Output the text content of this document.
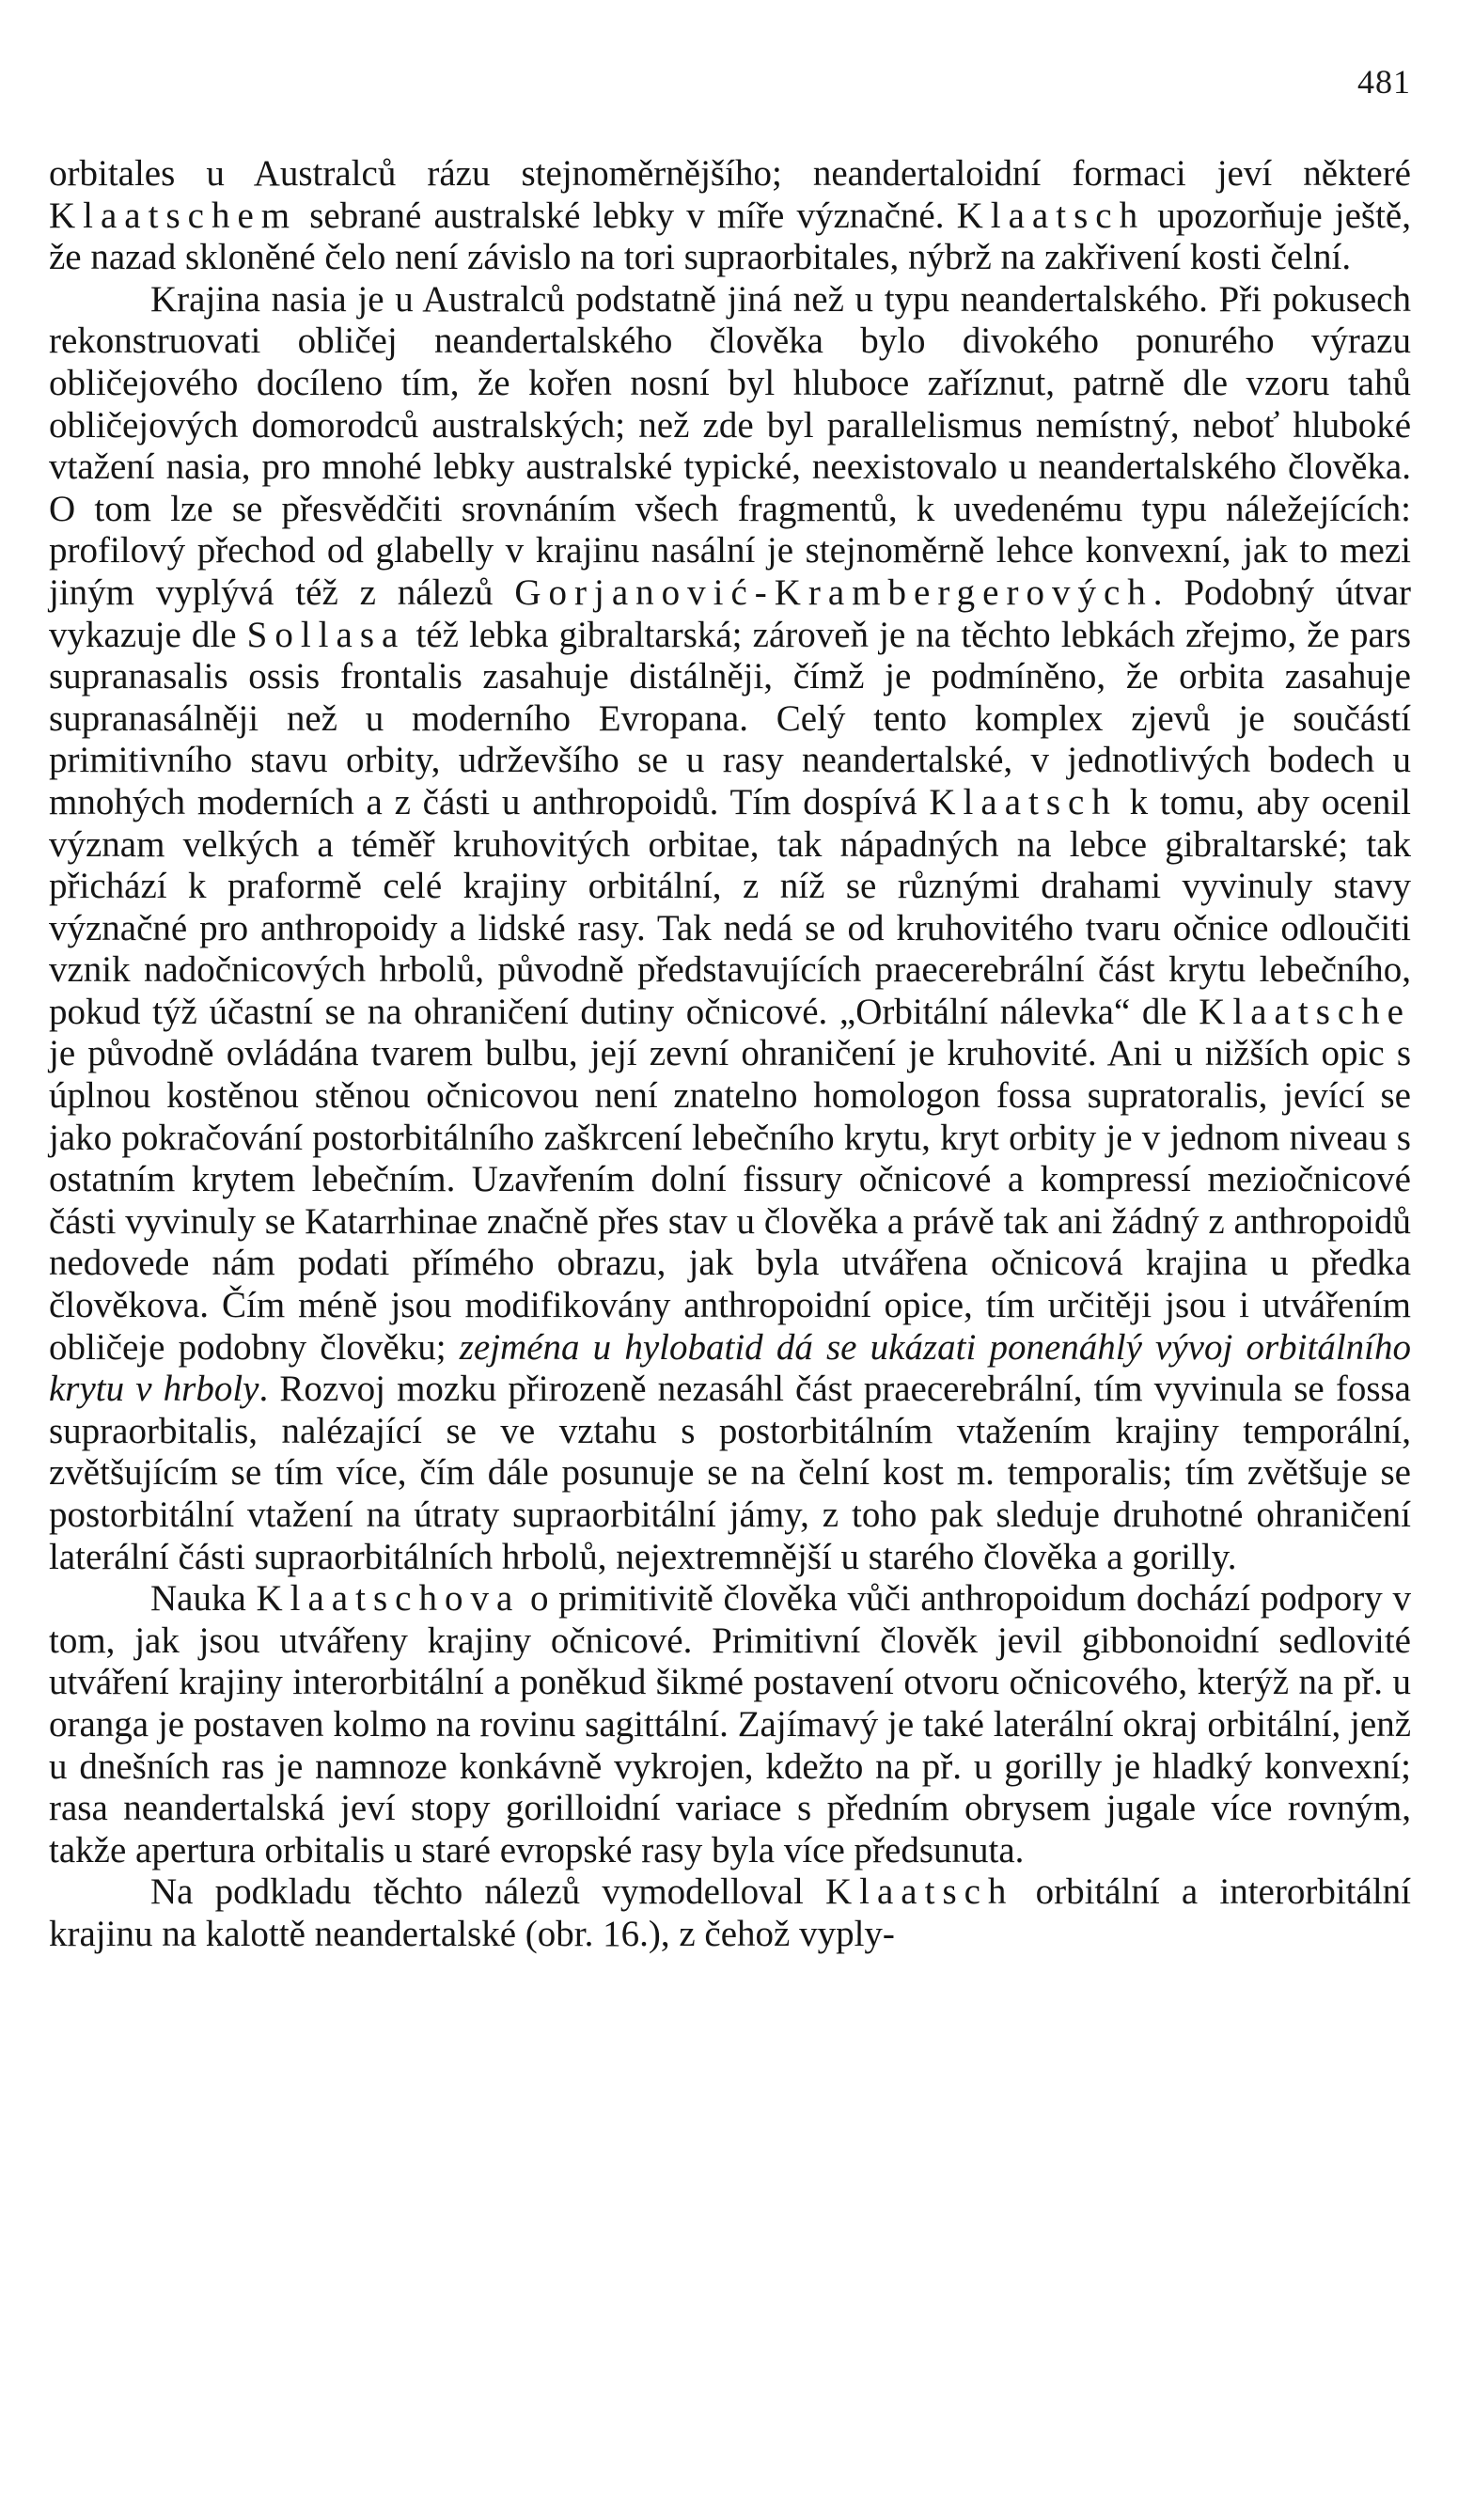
481

orbitales u Australců rázu stejnoměrnějšího; neandertaloidní formaci jeví některé Klaatschem sebrané australské lebky v míře význačné. Klaatsch upozorňuje ještě, že nazad skloněné čelo není závislo na tori supraorbitales, nýbrž na zakřivení kosti čelní.

Krajina nasia je u Australců podstatně jiná než u typu neandertalského. Při pokusech rekonstruovati obličej neandertalského člověka bylo divokého ponurého výrazu obličejového docíleno tím, že kořen nosní byl hluboce zaříznut, patrně dle vzoru tahů obličejových domorodců australských; než zde byl parallelismus nemístný, neboť hluboké vtažení nasia, pro mnohé lebky australské typické, neexistovalo u neandertalského člověka. O tom lze se přesvědčiti srovnáním všech fragmentů, k uvedenému typu náležejících: profilový přechod od glabelly v krajinu nasální je stejnoměrně lehce konvexní, jak to mezi jiným vyplývá též z nálezů Gorjanović-Krambergerových. Podobný útvar vykazuje dle Sollasa též lebka gibraltarská; zároveň je na těchto lebkách zřejmo, že pars supranasalis ossis frontalis zasahuje distálněji, čímž je podmíněno, že orbita zasahuje supranasálněji než u moderního Evropana. Celý tento komplex zjevů je součástí primitivního stavu orbity, udrževšího se u rasy neandertalské, v jednotlivých bodech u mnohých moderních a z části u anthropoidů. Tím dospívá Klaatsch k tomu, aby ocenil význam velkých a téměř kruhovitých orbitae, tak nápadných na lebce gibraltarské; tak přichází k praformě celé krajiny orbitální, z níž se různými drahami vyvinuly stavy význačné pro anthropoidy a lidské rasy. Tak nedá se od kruhovitého tvaru očnice odloučiti vznik nadočnicových hrbolů, původně představujících praecerebrální část krytu lebečního, pokud týž účastní se na ohraničení dutiny očnicové. „Orbitální nálevka“ dle Klaatsche je původně ovládána tvarem bulbu, její zevní ohraničení je kruhovité. Ani u nižších opic s úplnou kostěnou stěnou očnicovou není znatelno homologon fossa supratoralis, jevící se jako pokračování postorbitálního zaškrcení lebečního krytu, kryt orbity je v jednom niveau s ostatním krytem lebečním. Uzavřením dolní fissury očnicové a kompressí meziočnicové části vyvinuly se Katarrhinae značně přes stav u člověka a právě tak ani žádný z anthropoidů nedovede nám podati přímého obrazu, jak byla utvářena očnicová krajina u předka člověkova. Čím méně jsou modifikovány anthropoidní opice, tím určitěji jsou i utvářením obličeje podobny člověku; zejména u hylobatid dá se ukázati ponenáhlý vývoj orbitálního krytu v hrboly. Rozvoj mozku přirozeně nezasáhl část praecerebrální, tím vyvinula se fossa supraorbitalis, nalézající se ve vztahu s postorbitálním vtažením krajiny temporální, zvětšujícím se tím více, čím dále posunuje se na čelní kost m. temporalis; tím zvětšuje se postorbitální vtažení na útraty supraorbitální jámy, z toho pak sleduje druhotné ohraničení laterální části supraorbitálních hrbolů, nejextremnější u starého člověka a gorilly.

Nauka Klaatschova o primitivitě člověka vůči anthropoidum dochází podpory v tom, jak jsou utvářeny krajiny očnicové. Primitivní člověk jevil gibbonoidní sedlovité utváření krajiny interorbitální a poněkud šikmé postavení otvoru očnicového, kterýž na př. u oranga je postaven kolmo na rovinu sagittální. Zajímavý je také laterální okraj orbitální, jenž u dnešních ras je namnoze konkávně vykrojen, kdežto na př. u gorilly je hladký konvexní; rasa neandertalská jeví stopy gorilloidní variace s předním obrysem jugale více rovným, takže apertura orbitalis u staré evropské rasy byla více předsunuta.

Na podkladu těchto nálezů vymodelloval Klaatsch orbitální a interorbitální krajinu na kalottě neandertalské (obr. 16.), z čehož vyply-
